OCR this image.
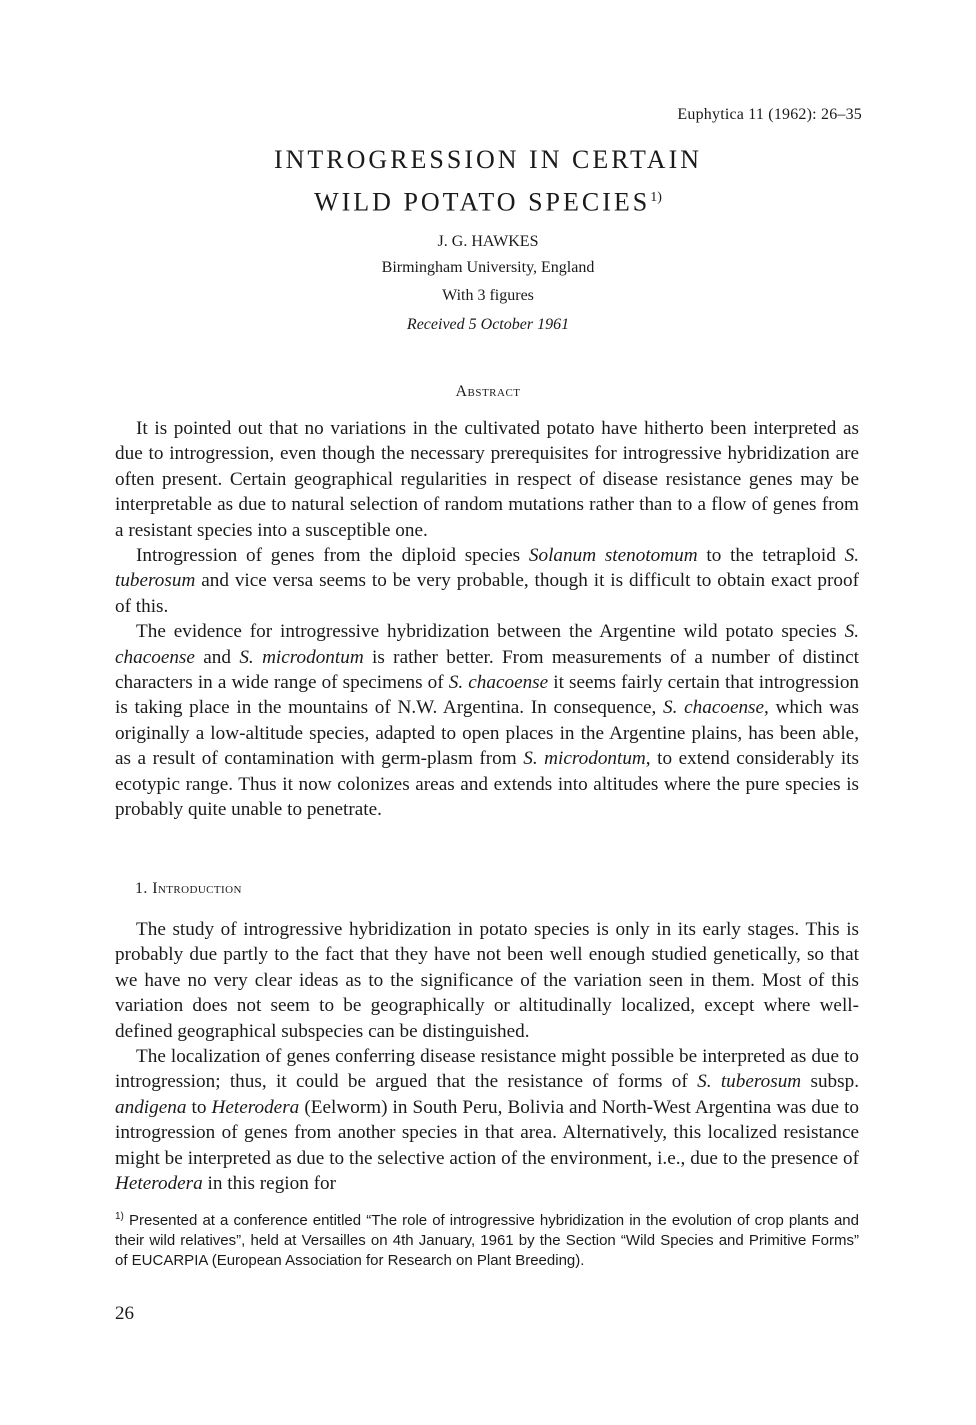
Euphytica 11 (1962): 26–35
INTROGRESSION IN CERTAIN
WILD POTATO SPECIES$^{1)}$
J. G. HAWKES
Birmingham University, England
With 3 figures
Received 5 October 1961
Abstract

It is pointed out that no variations in the cultivated potato have hitherto been interpreted as due to introgression, even though the necessary prerequisites for introgressive hybridization are often present. Certain geographical regularities in respect of disease resistance genes may be interpretable as due to natural selection of random mutations rather than to a flow of genes from a resistant species into a susceptible one.

Introgression of genes from the diploid species Solanum stenotomum to the tetraploid S. tuberosum and vice versa seems to be very probable, though it is difficult to obtain exact proof of this.

The evidence for introgressive hybridization between the Argentine wild potato species S. chacoense and S. microdontum is rather better. From measurements of a number of distinct characters in a wide range of specimens of S. chacoense it seems fairly certain that introgression is taking place in the mountains of N.W. Argentina. In consequence, S. chacoense, which was originally a low-altitude species, adapted to open places in the Argentine plains, has been able, as a result of contamination with germ-plasm from S. microdontum, to extend considerably its ecotypic range. Thus it now colonizes areas and extends into altitudes where the pure species is probably quite unable to penetrate.

1. Introduction

The study of introgressive hybridization in potato species is only in its early stages. This is probably due partly to the fact that they have not been well enough studied genetically, so that we have no very clear ideas as to the significance of the variation seen in them. Most of this variation does not seem to be geographically or altitudinally localized, except where well-defined geographical subspecies can be distinguished.

The localization of genes conferring disease resistance might possible be interpreted as due to introgression; thus, it could be argued that the resistance of forms of S. tuberosum subsp. andigena to Heterodera (Eelworm) in South Peru, Bolivia and North-West Argentina was due to introgression of genes from another species in that area. Alternatively, this localized resistance might be interpreted as due to the selective action of the environment, i.e., due to the presence of Heterodera in this region for

$^{1)}$ Presented at a conference entitled “The role of introgressive hybridization in the evolution of crop plants and their wild relatives”, held at Versailles on 4th January, 1961 by the Section “Wild Species and Primitive Forms” of EUCARPIA (European Association for Research on Plant Breeding).
26
